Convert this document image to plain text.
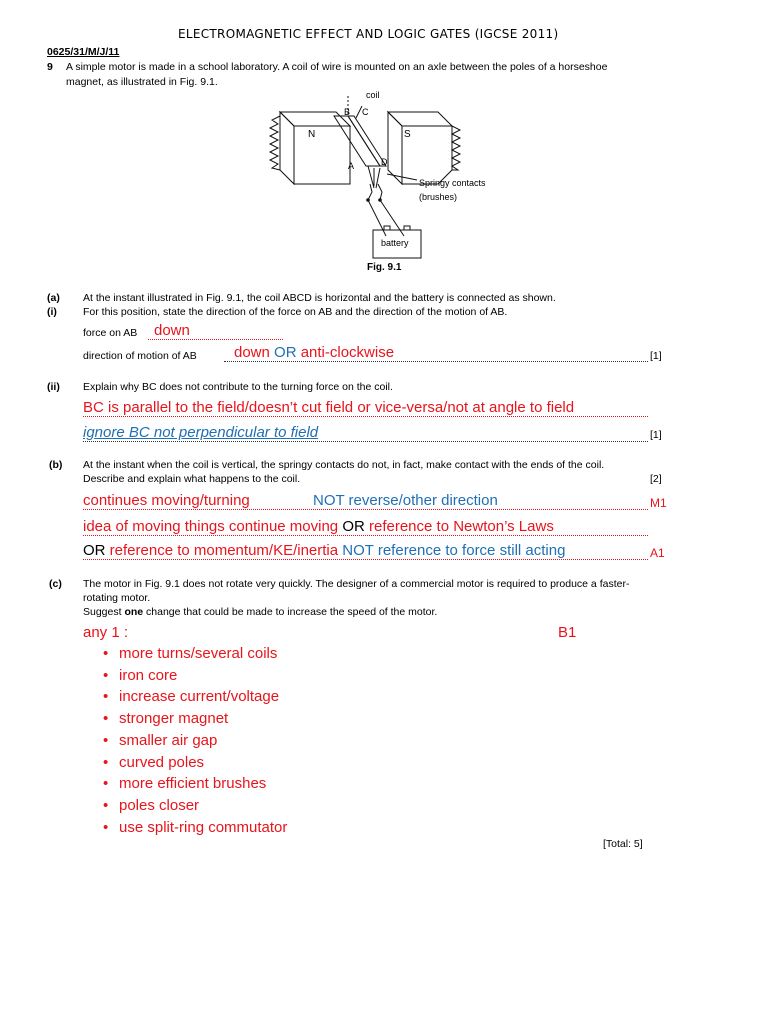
ELECTROMAGNETIC EFFECT AND LOGIC GATES (IGCSE 2011)
0625/31/M/J/11
9 A simple motor is made in a school laboratory. A coil of wire is mounted on an axle between the poles of a horseshoe
magnet, as illustrated in Fig. 9.1.
coil
B C
N	S
A	D
Springy contacts
(brushes)
battery
Fig. 9.1
(a) At the instant illustrated in Fig. 9.1, the coil ABCD is horizontal and the battery is connected as shown.
(i) For this position, state the direction of the force on AB and the direction of the motion of AB.
force on AB	down
direction of motion of AB	down OR anti-clockwise	[1]
(ii) Explain why BC does not contribute to the turning force on the coil.
BC is parallel to the field/doesn’t cut field or vice-versa/not at angle to field
ignore BC not perpendicular to field	[1]
(b) At the instant when the coil is vertical, the springy contacts do not, in fact, make contact with the ends of the coil.
Describe and explain what happens to the coil.	[2]
continues moving/turning	NOT reverse/other direction	M1
idea of moving things continue moving OR reference to Newton’s Laws
OR reference to momentum/KE/inertia NOT reference to force still acting	A1
(c) The motor in Fig. 9.1 does not rotate very quickly. The designer of a commercial motor is required to produce a faster-
rotating motor.
Suggest one change that could be made to increase the speed of the motor.
any 1 :	B1
• more turns/several coils
• iron core
• increase current/voltage
• stronger magnet
• smaller air gap
• curved poles
• more efficient brushes
• poles closer
• use split-ring commutator
[Total: 5]
